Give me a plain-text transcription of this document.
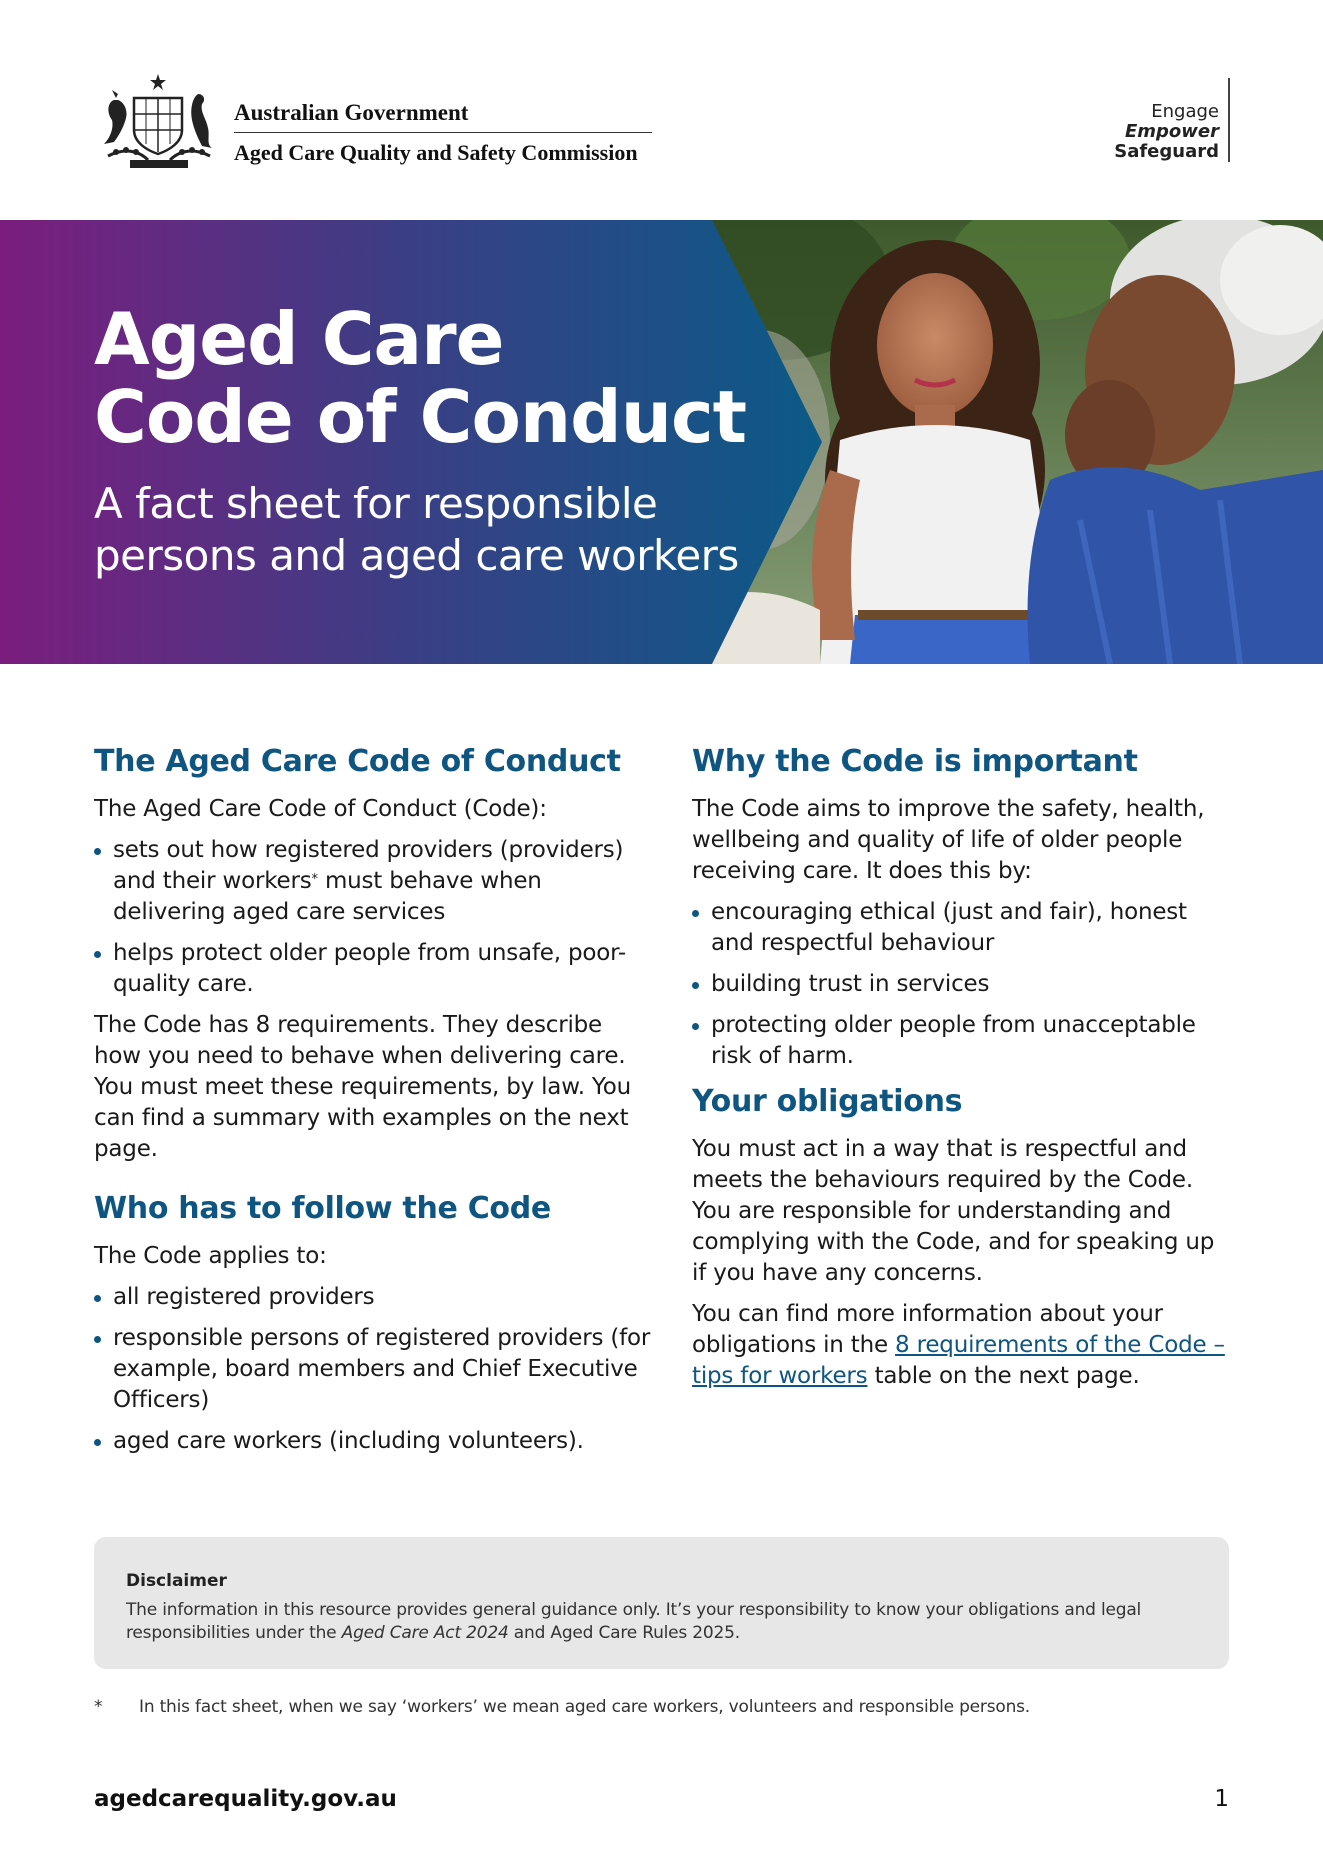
Australian Government
Aged Care Quality and Safety Commission
Engage
Empower
Safeguard
Aged Care
Code of Conduct
A fact sheet for responsible
persons and aged care workers
The Aged Care Code of Conduct

The Aged Care Code of Conduct (Code):

sets out how registered providers (providers) and their workers* must behave when delivering aged care services
helps protect older people from unsafe, poor-quality care.

The Code has 8 requirements. They describe how you need to behave when delivering care. You must meet these requirements, by law. You can find a summary with examples on the next page.

Who has to follow the Code

The Code applies to:

all registered providers
responsible persons of registered providers (for example, board members and Chief Executive Officers)
aged care workers (including volunteers).
Why the Code is important

The Code aims to improve the safety, health, wellbeing and quality of life of older people receiving care. It does this by:

encouraging ethical (just and fair), honest and respectful behaviour
building trust in services
protecting older people from unacceptable risk of harm.
Your obligations

You must act in a way that is respectful and meets the behaviours required by the Code. You are responsible for understanding and complying with the Code, and for speaking up if you have any concerns.

You can find more information about your obligations in the 8 requirements of the Code – tips for workers table on the next page.

Disclaimer
The information in this resource provides general guidance only. It’s your responsibility to know your obligations and legal responsibilities under the Aged Care Act 2024 and Aged Care Rules 2025.
* In this fact sheet, when we say ‘workers’ we mean aged care workers, volunteers and responsible persons.
agedcarequality.gov.au	1
